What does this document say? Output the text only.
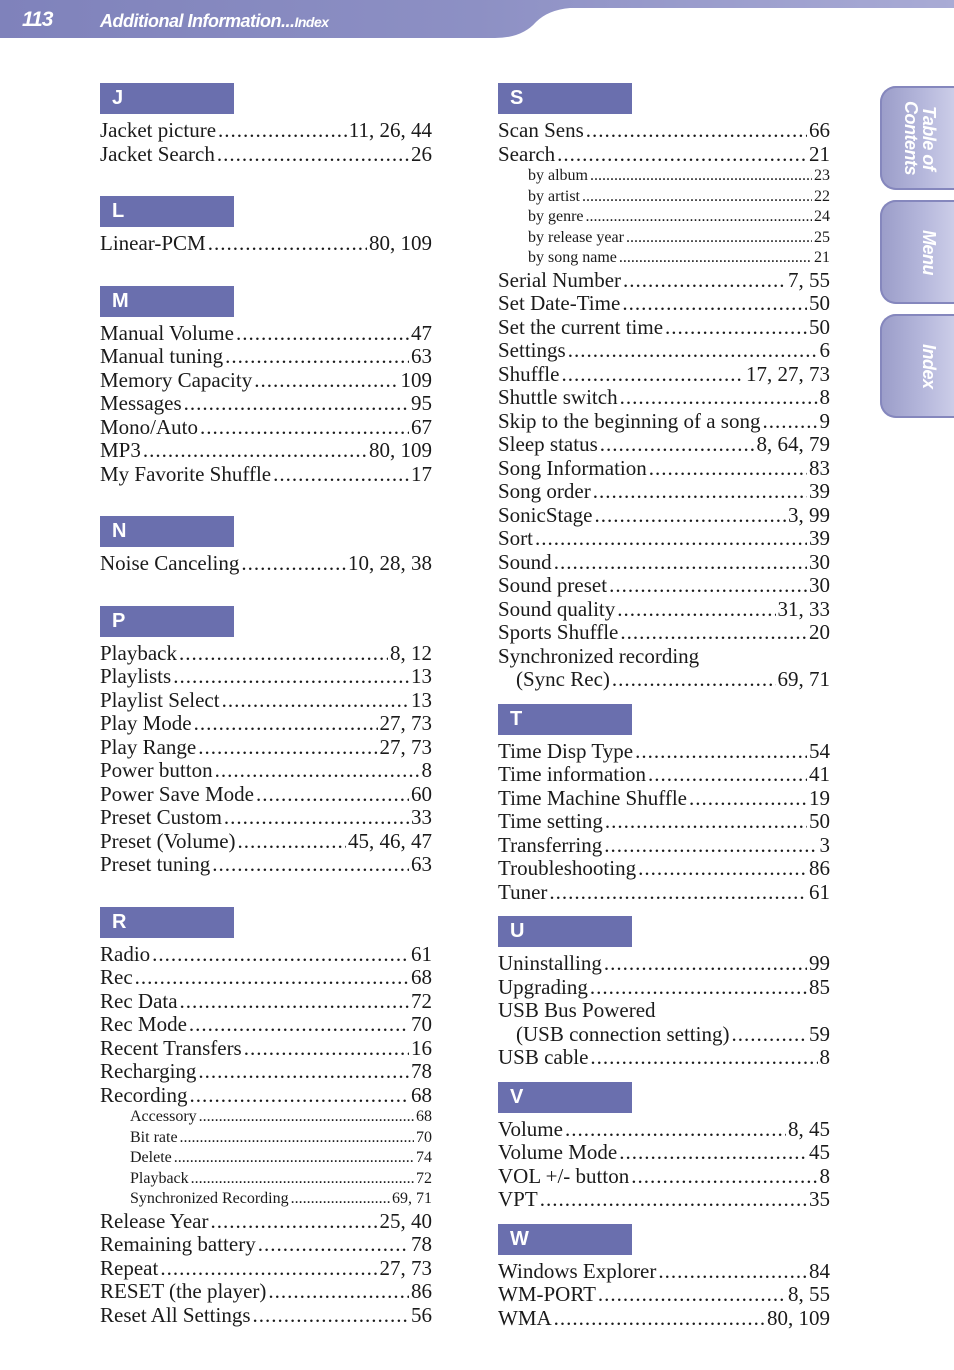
113	Additional Information...Index
J
Jacket picture .....	11, 26, 44
Jacket Search .....	26
L
Linear-PCM .....	80, 109
M
Manual Volume .....	47
Manual tuning .....	63
Memory Capacity .....	109
Messages .....	95
Mono/Auto .....	67
MP3 .....	80, 109
My Favorite Shuffle .....	17
N
Noise Canceling .....	10, 28, 38
P
Playback .....	8, 12
Playlists .....	13
Playlist Select .....	13
Play Mode .....	27, 73
Play Range .....	27, 73
Power button .....	8
Power Save Mode .....	60
Preset Custom .....	33
Preset (Volume) .....	45, 46, 47
Preset tuning .....	63
R
Radio .....	61
Rec .....	68
Rec Data .....	72
Rec Mode .....	70
Recent Transfers .....	16
Recharging .....	78
Recording .....	68
Accessory .....	68
Bit rate .....	70
Delete .....	74
Playback .....	72
Synchronized Recording .....	69, 71
Release Year .....	25, 40
Remaining battery .....	78
Repeat .....	27, 73
RESET (the player) .....	86
Reset All Settings .....	56
S
Scan Sens .....	66
Search .....	21
by album .....	23
by artist .....	22
by genre .....	24
by release year .....	25
by song name .....	21
Serial Number .....	7, 55
Set Date-Time .....	50
Set the current time .....	50
Settings .....	6
Shuffle .....	17, 27, 73
Shuttle switch .....	8
Skip to the beginning of a song .....	9
Sleep status .....	8, 64, 79
Song Information .....	83
Song order .....	39
SonicStage .....	3, 99
Sort .....	39
Sound .....	30
Sound preset .....	30
Sound quality .....	31, 33
Sports Shuffle .....	20
Synchronized recording
(Sync Rec) .....	69, 71
T
Time Disp Type .....	54
Time information .....	41
Time Machine Shuffle .....	19
Time setting .....	50
Transferring .....	3
Troubleshooting .....	86
Tuner .....	61
U
Uninstalling .....	99
Upgrading .....	85
USB Bus Powered
(USB connection setting) .....	59
USB cable .....	8
V
Volume .....	8, 45
Volume Mode .....	45
VOL +/- button .....	8
VPT .....	35
W
Windows Explorer .....	84
WM-PORT .....	8, 55
WMA .....	80, 109
Table of Contents
Menu
Index
